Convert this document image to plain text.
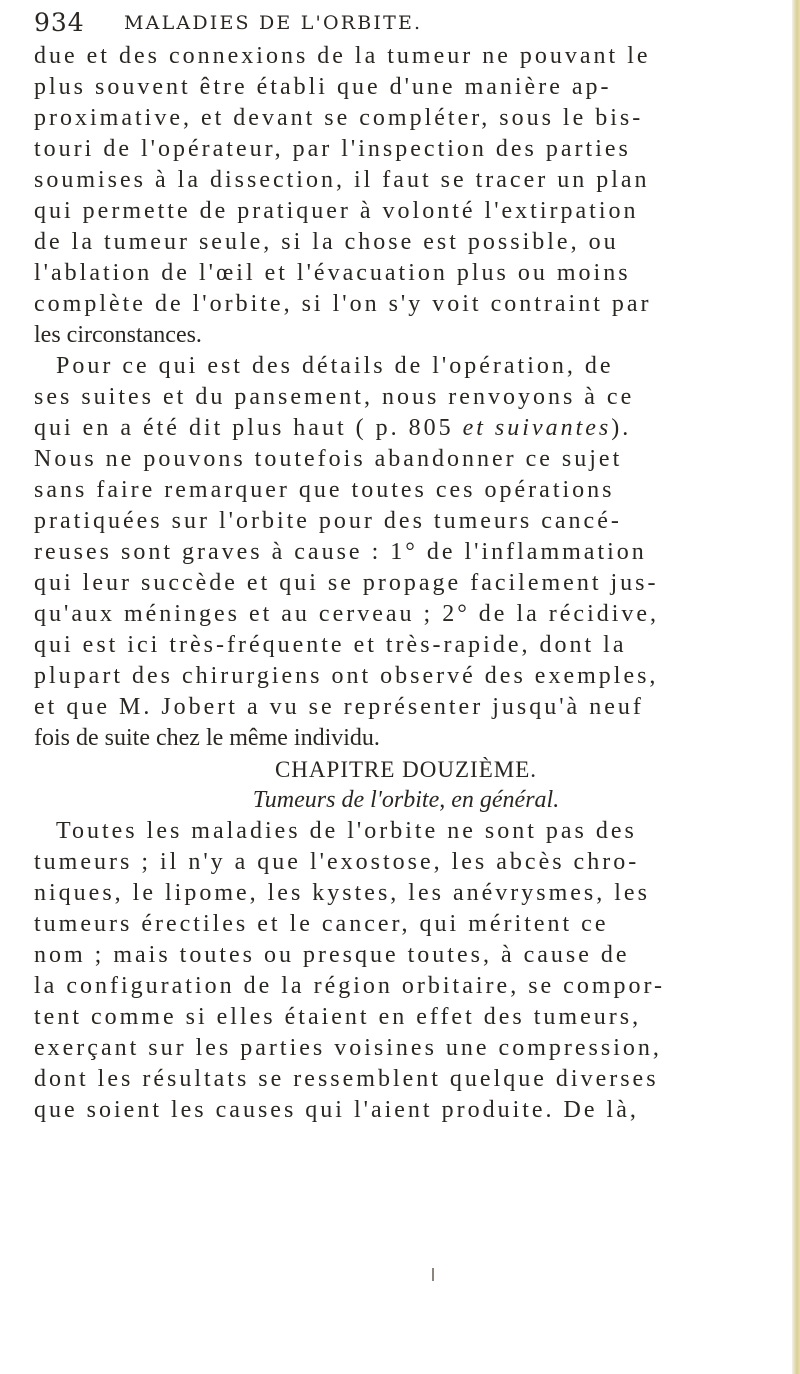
934 MALADIES DE L'ORBITE.
due et des connexions de la tumeur ne pouvant le
plus souvent être établi que d'une manière ap-
proximative, et devant se compléter, sous le bis-
touri de l'opérateur, par l'inspection des parties
soumises à la dissection, il faut se tracer un plan
qui permette de pratiquer à volonté l'extirpation
de la tumeur seule, si la chose est possible, ou
l'ablation de l'œil et l'évacuation plus ou moins
complète de l'orbite, si l'on s'y voit contraint par
les circonstances.
Pour ce qui est des détails de l'opération, de
ses suites et du pansement, nous renvoyons à ce
qui en a été dit plus haut ( p. 805 et suivantes).
Nous ne pouvons toutefois abandonner ce sujet
sans faire remarquer que toutes ces opérations
pratiquées sur l'orbite pour des tumeurs cancé-
reuses sont graves à cause : 1° de l'inflammation
qui leur succède et qui se propage facilement jus-
qu'aux méninges et au cerveau ; 2° de la récidive,
qui est ici très-fréquente et très-rapide, dont la
plupart des chirurgiens ont observé des exemples,
et que M. Jobert a vu se représenter jusqu'à neuf
fois de suite chez le même individu.
CHAPITRE DOUZIÈME.
Tumeurs de l'orbite, en général.
Toutes les maladies de l'orbite ne sont pas des
tumeurs ; il n'y a que l'exostose, les abcès chro-
niques, le lipome, les kystes, les anévrysmes, les
tumeurs érectiles et le cancer, qui méritent ce
nom ; mais toutes ou presque toutes, à cause de
la configuration de la région orbitaire, se compor-
tent comme si elles étaient en effet des tumeurs,
exerçant sur les parties voisines une compression,
dont les résultats se ressemblent quelque diverses
que soient les causes qui l'aient produite. De là,
